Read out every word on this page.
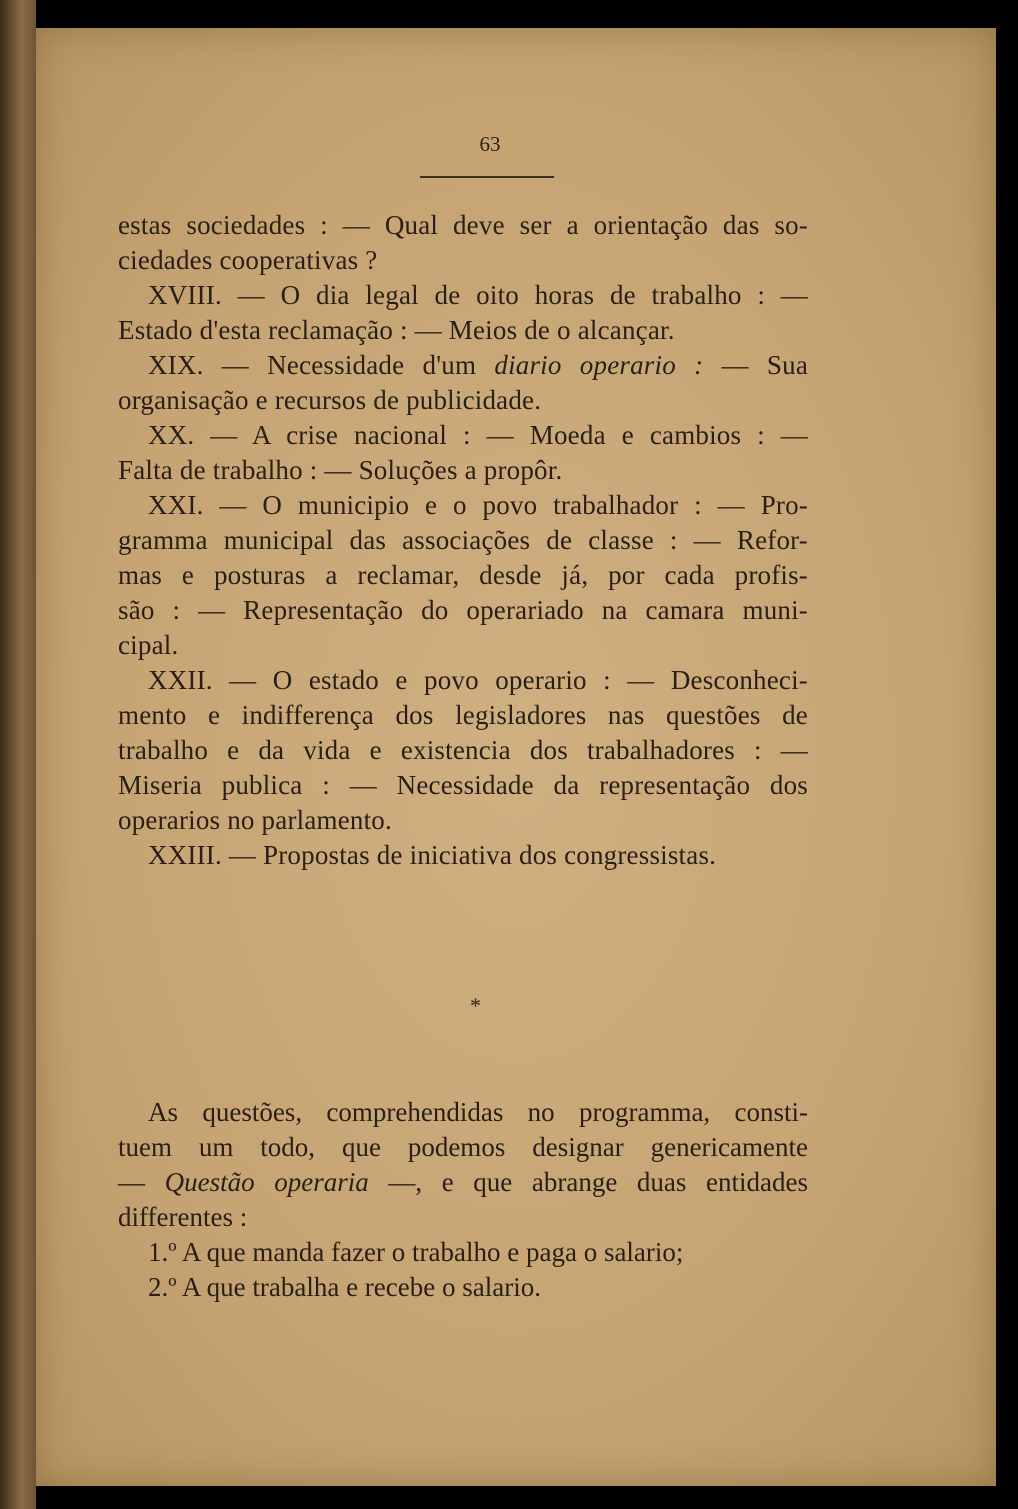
63
estas sociedades : — Qual deve ser a orientação das so-
ciedades cooperativas ?
XVIII. — O dia legal de oito horas de trabalho : —
Estado d'esta reclamação : — Meios de o alcançar.
XIX. — Necessidade d'um diario operario : — Sua
organisação e recursos de publicidade.
XX. — A crise nacional : — Moeda e cambios : —
Falta de trabalho : — Soluções a propôr.
XXI. — O municipio e o povo trabalhador : — Pro-
gramma municipal das associações de classe : — Refor-
mas e posturas a reclamar, desde já, por cada profis-
são : — Representação do operariado na camara muni-
cipal.
XXII. — O estado e povo operario : — Desconheci-
mento e indifferença dos legisladores nas questões de
trabalho e da vida e existencia dos trabalhadores : —
Miseria publica : — Necessidade da representação dos
operarios no parlamento.
XXIII. — Propostas de iniciativa dos congressistas.
*
As questões, comprehendidas no programma, consti-
tuem um todo, que podemos designar genericamente
— Questão operaria —, e que abrange duas entidades
differentes :
1.º A que manda fazer o trabalho e paga o salario;
2.º A que trabalha e recebe o salario.
